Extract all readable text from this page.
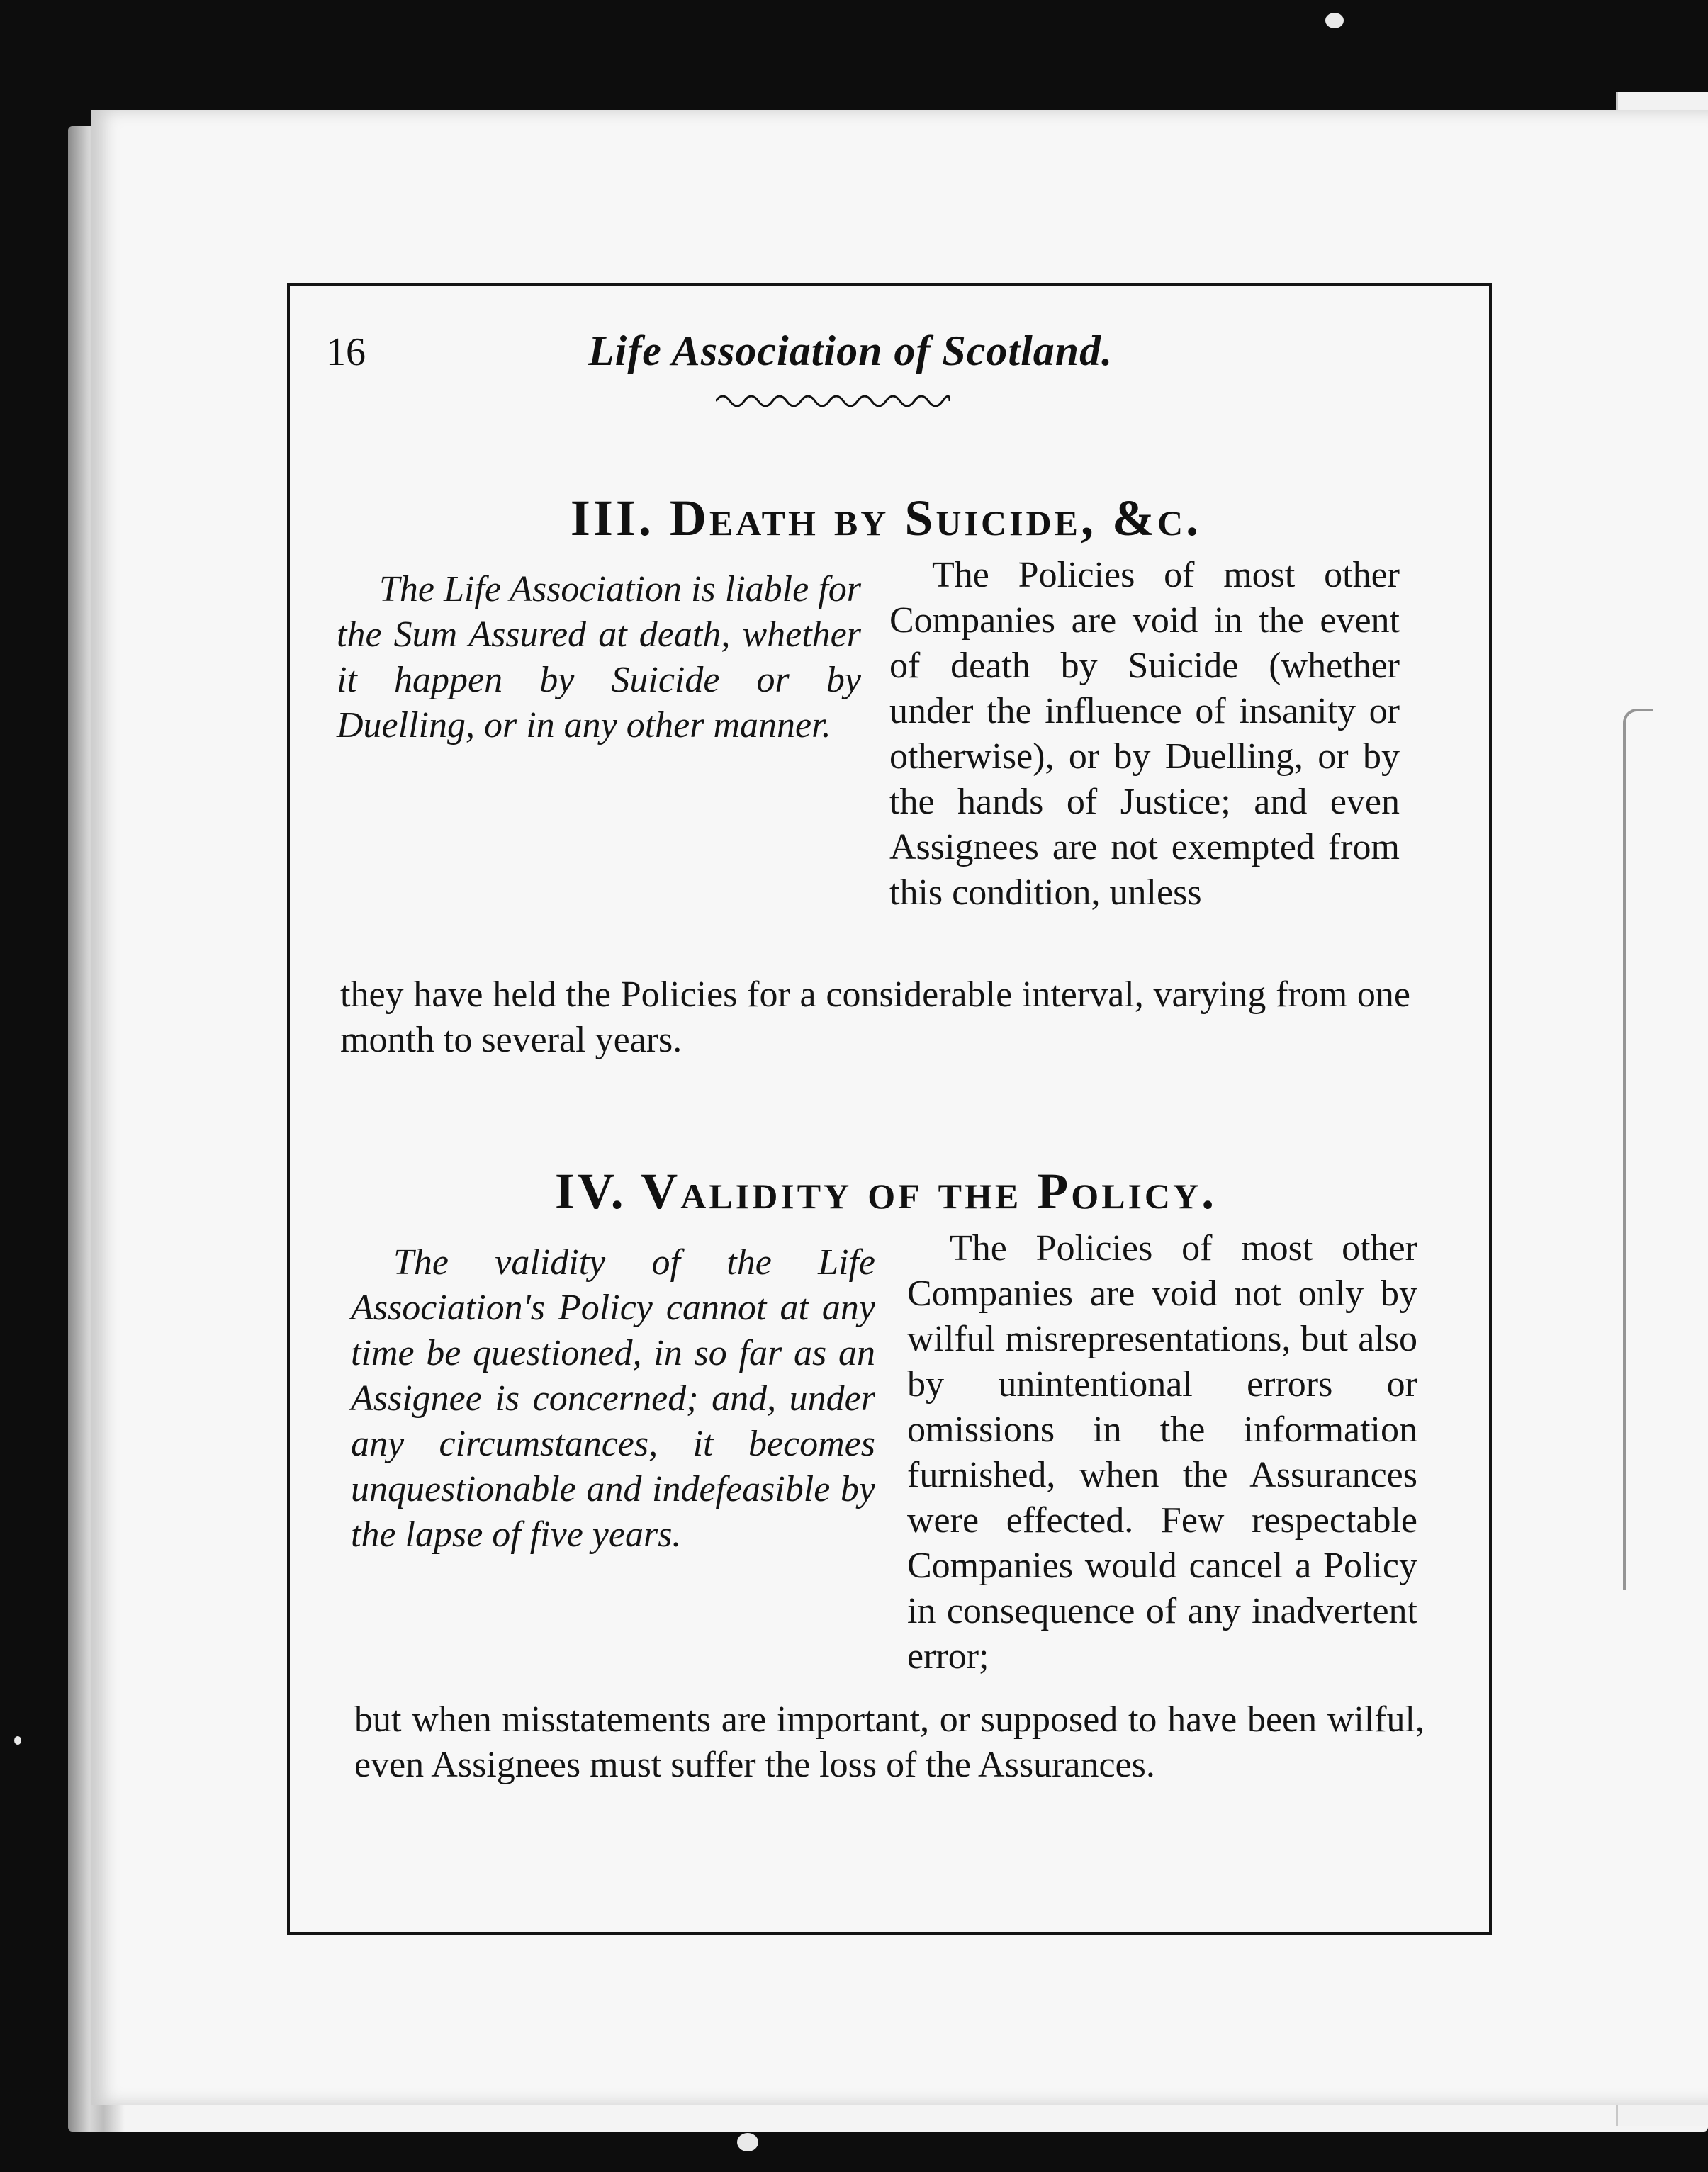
16	Life Association of Scotland.
III. Death by Suicide, &c.
The Life Association is liable for the Sum Assured at death, whether it happen by Suicide or by Duelling, or in any other manner.
The Policies of most other Companies are void in the event of death by Suicide (whether under the influence of insanity or otherwise), or by Duelling, or by the hands of Justice; and even Assignees are not exempted from this condition, unless
they have held the Policies for a considerable interval, varying from one month to several years.
IV. Validity of the Policy.
The validity of the Life Association's Policy cannot at any time be questioned, in so far as an Assignee is concerned; and, under any circumstances, it becomes unquestionable and indefeasible by the lapse of five years.
The Policies of most other Companies are void not only by wilful misrepresentations, but also by unintentional errors or omissions in the information furnished, when the Assurances were effected. Few respectable Companies would cancel a Policy in consequence of any inadvertent error;
but when misstatements are important, or supposed to have been wilful, even Assignees must suffer the loss of the Assurances.
